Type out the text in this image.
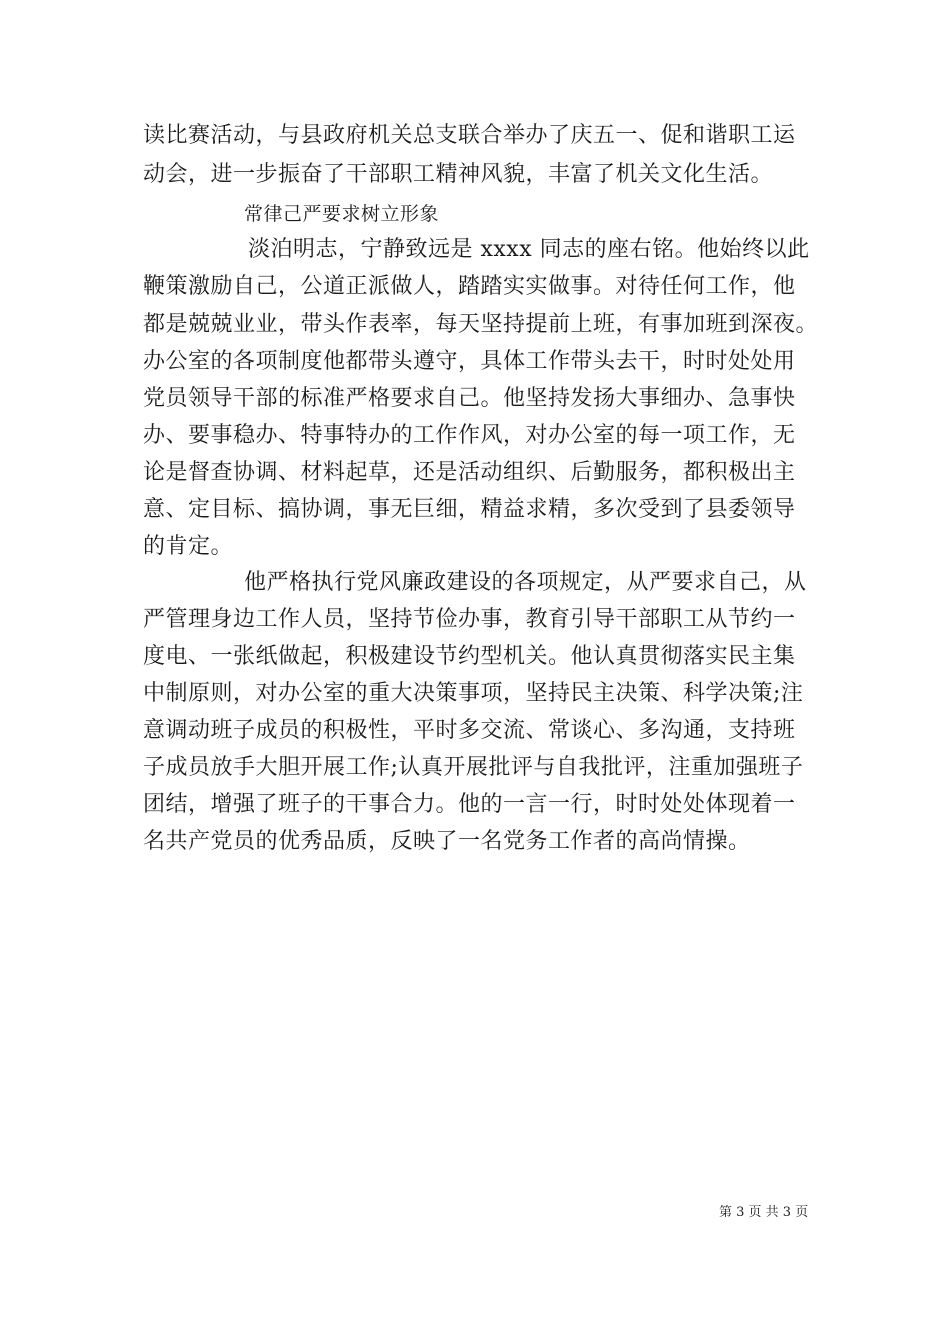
读比赛活动，与县政府机关总支联合举办了庆五一、促和谐职工运
动会，进一步振奋了干部职工精神风貌，丰富了机关文化生活。
常律己严要求树立形象
淡泊明志，宁静致远是 xxxx 同志的座右铭。他始终以此
鞭策激励自己，公道正派做人，踏踏实实做事。对待任何工作，他
都是兢兢业业，带头作表率，每天坚持提前上班，有事加班到深夜。
办公室的各项制度他都带头遵守，具体工作带头去干，时时处处用
党员领导干部的标准严格要求自己。他坚持发扬大事细办、急事快
办、要事稳办、特事特办的工作作风，对办公室的每一项工作，无
论是督查协调、材料起草，还是活动组织、后勤服务，都积极出主
意、定目标、搞协调，事无巨细，精益求精，多次受到了县委领导
的肯定。
他严格执行党风廉政建设的各项规定，从严要求自己，从
严管理身边工作人员，坚持节俭办事，教育引导干部职工从节约一
度电、一张纸做起，积极建设节约型机关。他认真贯彻落实民主集
中制原则，对办公室的重大决策事项，坚持民主决策、科学决策;注
意调动班子成员的积极性，平时多交流、常谈心、多沟通，支持班
子成员放手大胆开展工作;认真开展批评与自我批评，注重加强班子
团结，增强了班子的干事合力。他的一言一行，时时处处体现着一
名共产党员的优秀品质，反映了一名党务工作者的高尚情操。
第 3 页 共 3 页
